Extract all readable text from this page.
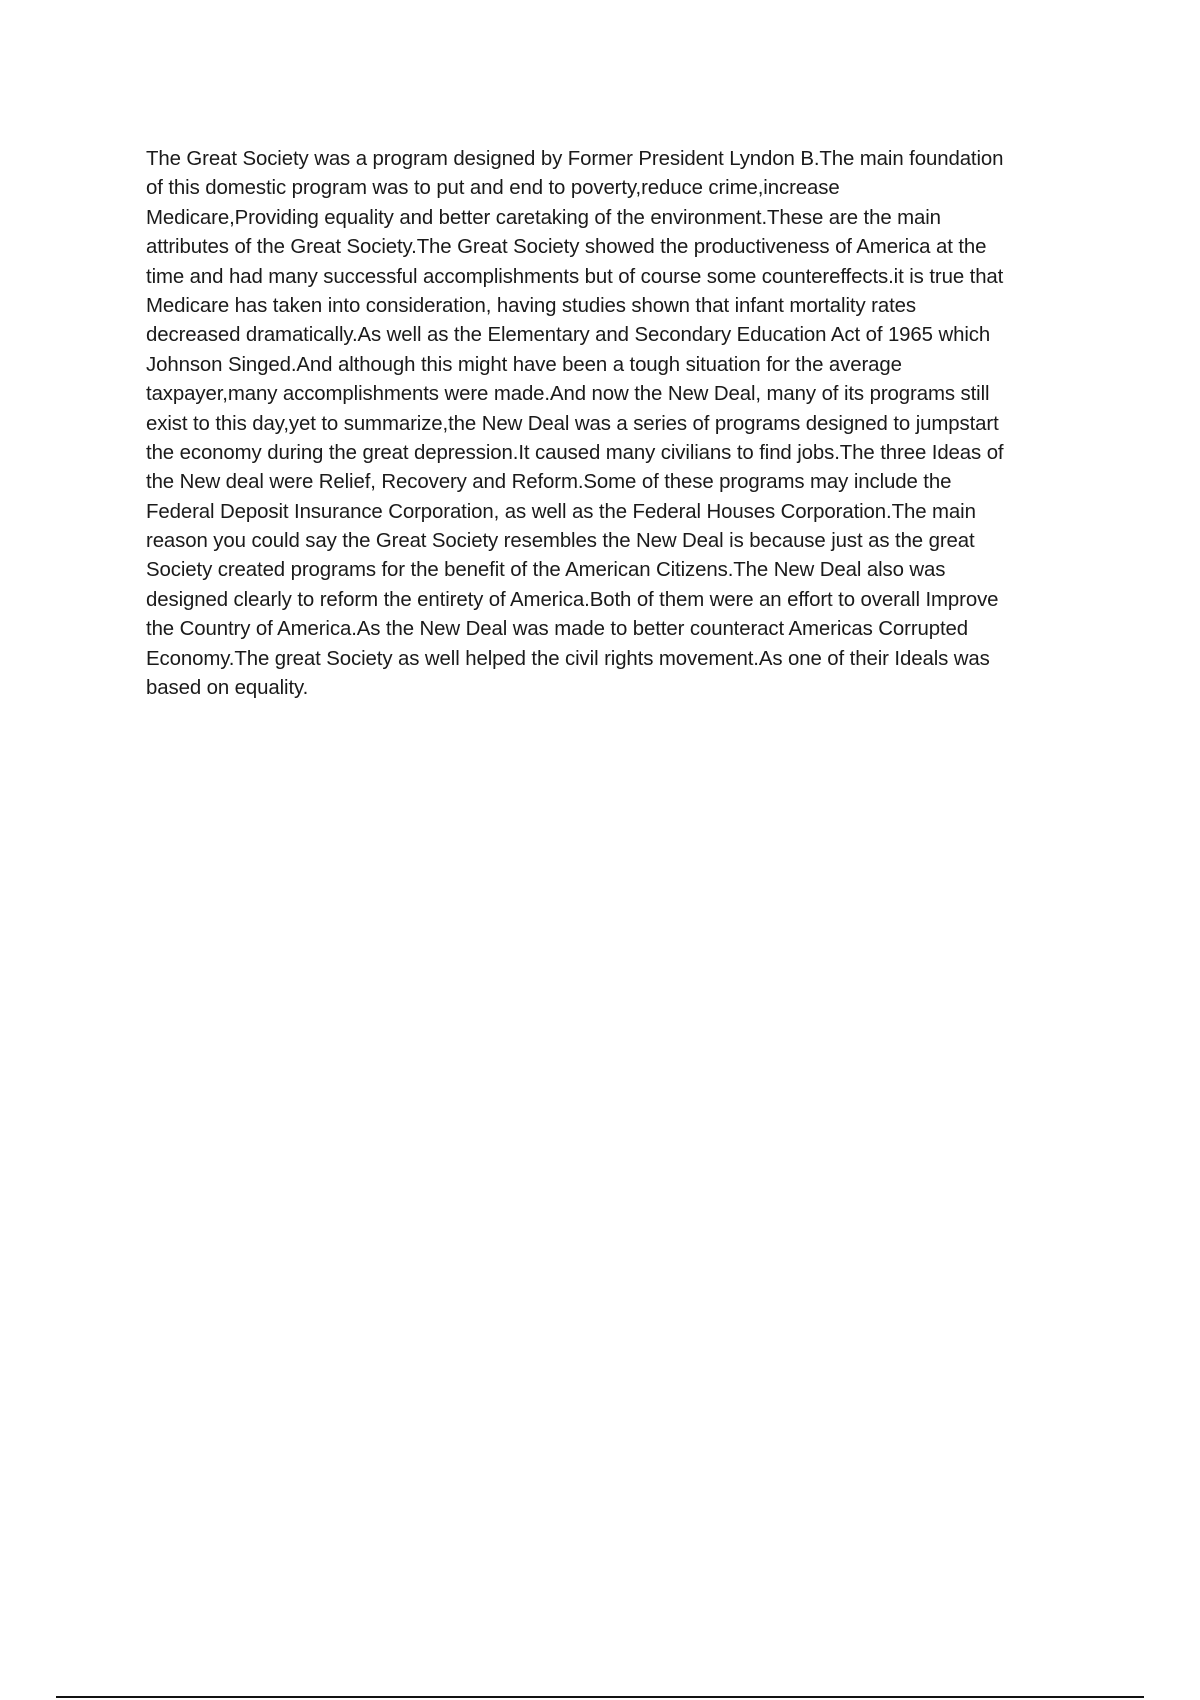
The Great Society was a program designed by Former President Lyndon B.The main foundation
of this domestic program was to put and end to poverty,reduce crime,increase
Medicare,Providing equality and better caretaking of the environment.These are the main
attributes of the Great Society.The Great Society showed the productiveness of America at the
time and had many successful accomplishments but of course some countereffects.it is true that
Medicare has taken into consideration, having studies shown that infant mortality rates
decreased dramatically.As well as the Elementary and Secondary Education Act of 1965 which
Johnson Singed.And although this might have been a tough situation for the average
taxpayer,many accomplishments were made.And now the New Deal, many of its programs still
exist to this day,yet to summarize,the New Deal was a series of programs designed to jumpstart
the economy during the great depression.It caused many civilians to find jobs.The three Ideas of
the New deal were Relief, Recovery and Reform.Some of these programs may include the
Federal Deposit Insurance Corporation, as well as the Federal Houses Corporation.The main
reason you could say the Great Society resembles the New Deal is because just as the great
Society created programs for the benefit of the American Citizens.The New Deal also was
designed clearly to reform the entirety of America.Both of them were an effort to overall Improve
the Country of America.As the New Deal was made to better counteract Americas Corrupted
Economy.The great Society as well helped the civil rights movement.As one of their Ideals was
based on equality.
